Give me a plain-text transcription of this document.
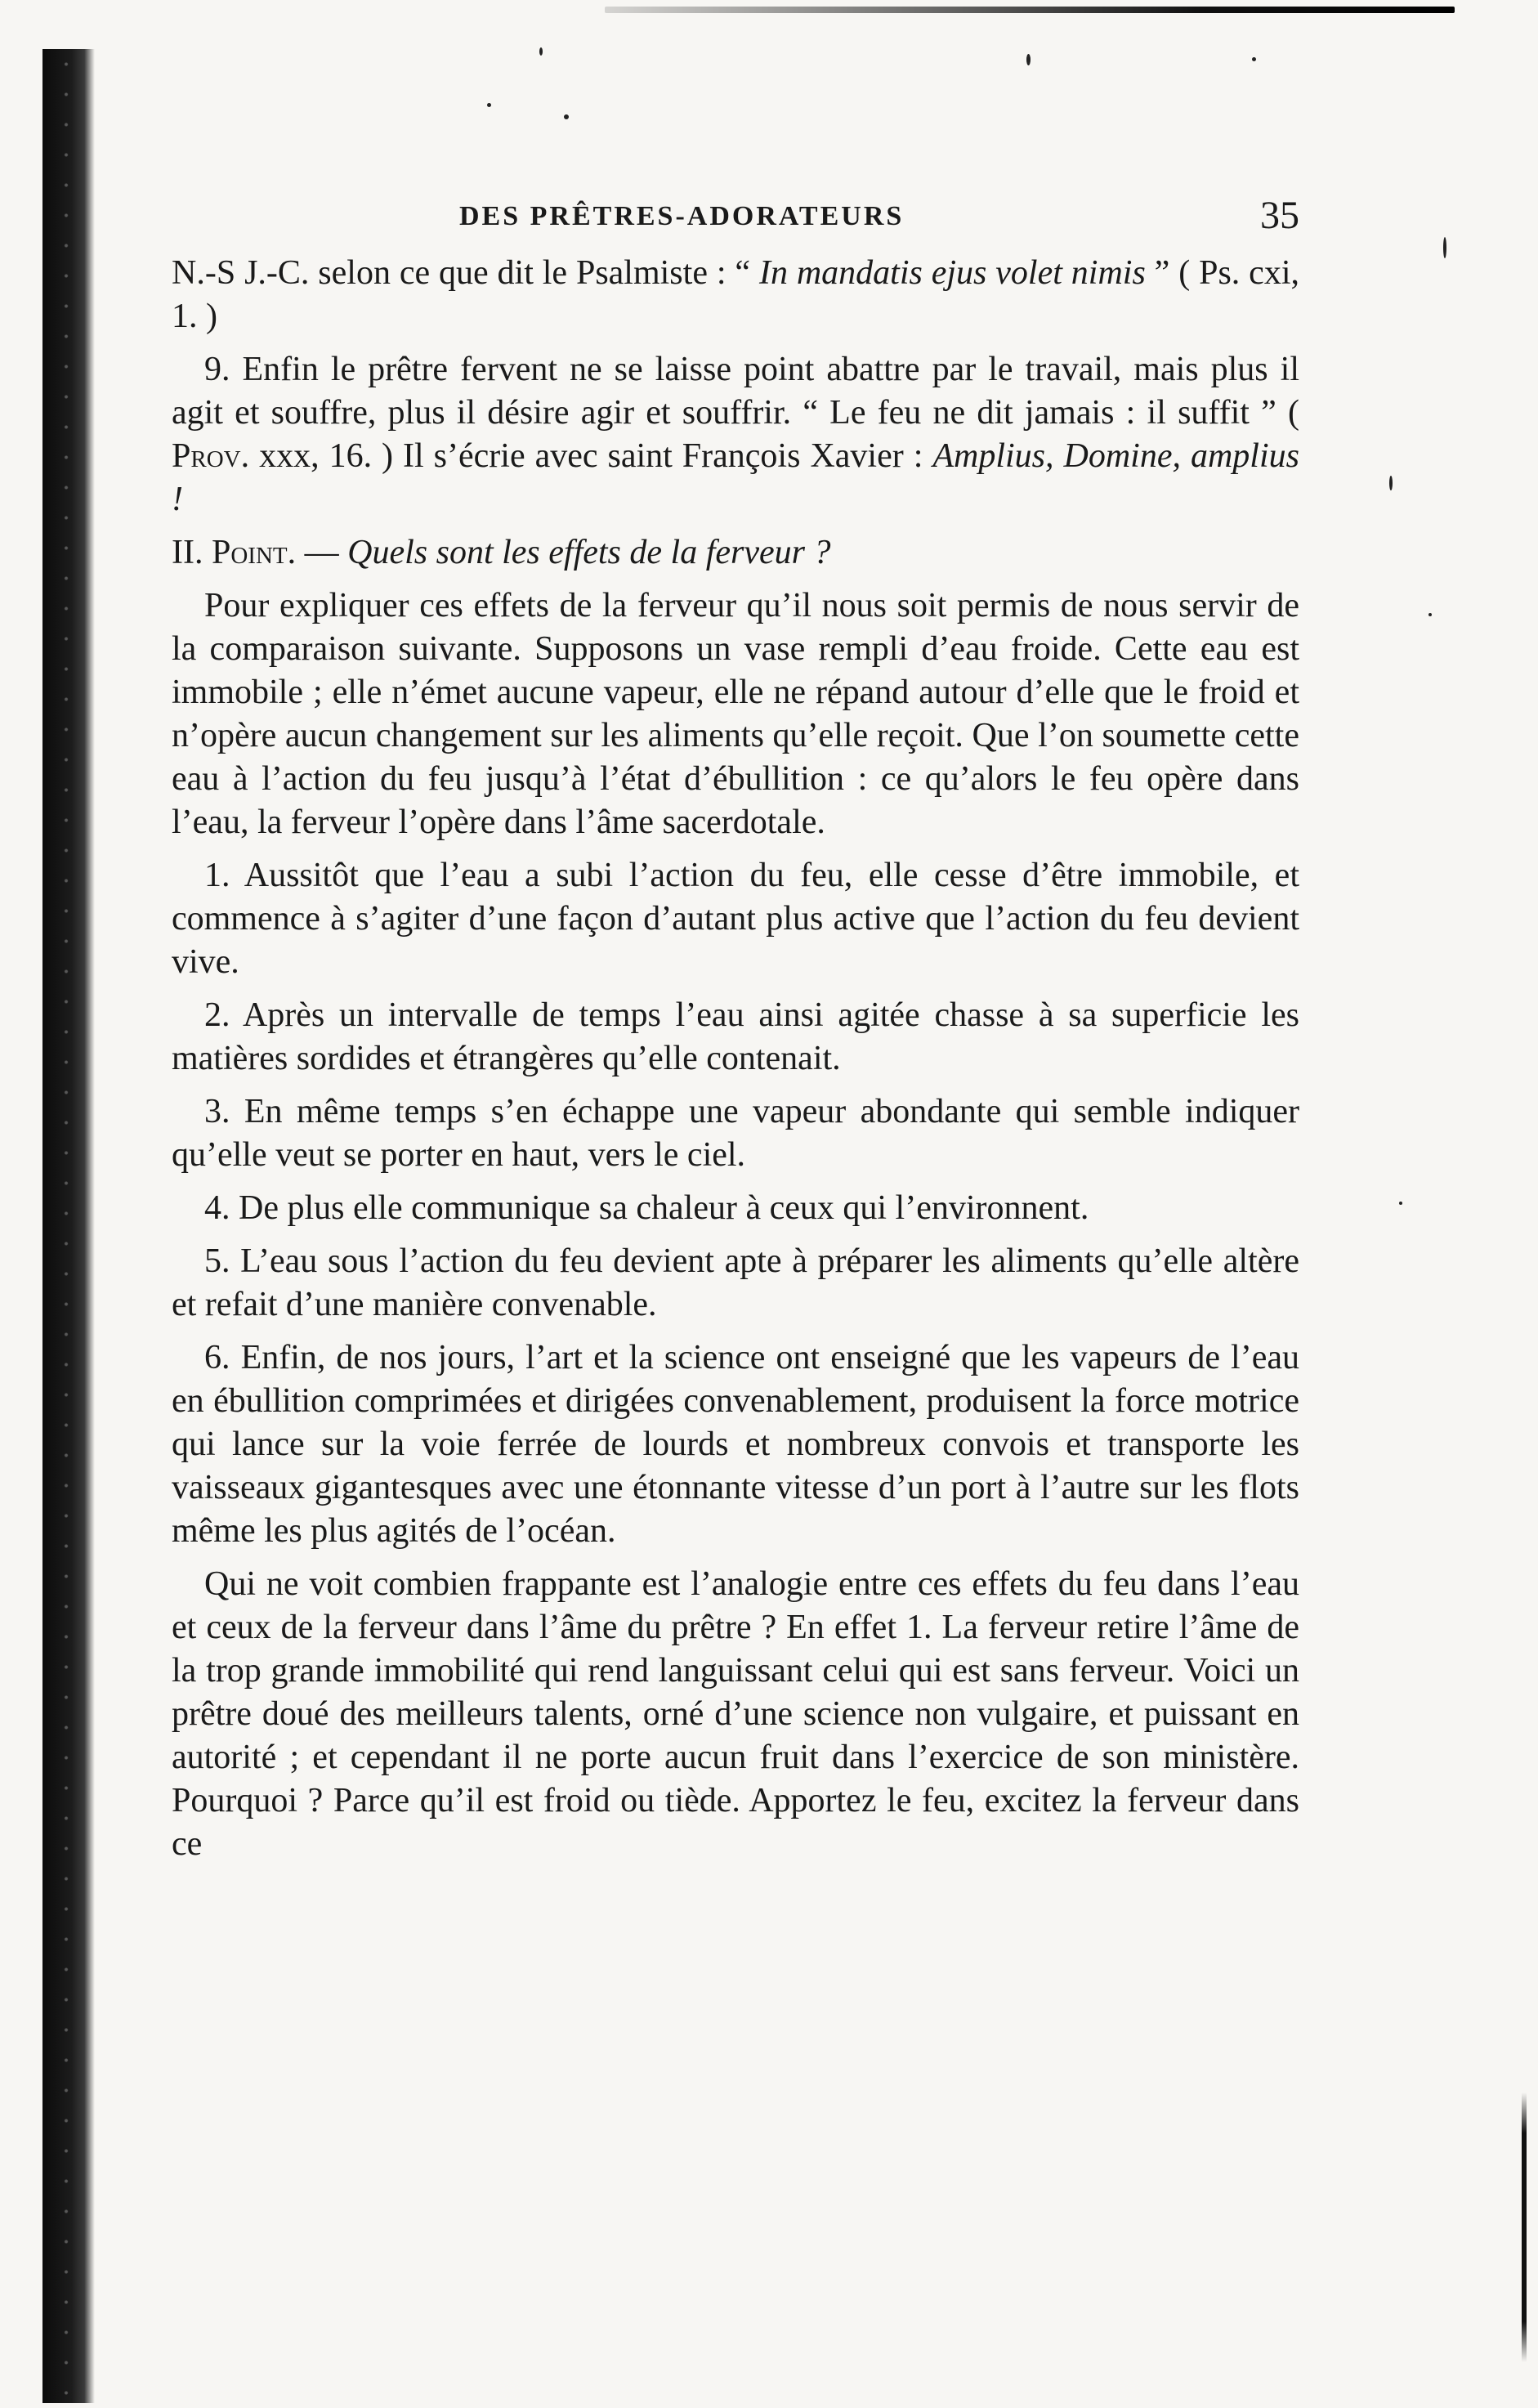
DES PRÊTRES-ADORATEURS	35

N.-S J.-C. selon ce que dit le Psalmiste : “ In mandatis ejus volet nimis ” ( Ps. cxi, 1. )

9. Enfin le prêtre fervent ne se laisse point abattre par le travail, mais plus il agit et souffre, plus il désire agir et souffrir. “ Le feu ne dit jamais : il suffit ” ( Prov. xxx, 16. ) Il s’écrie avec saint François Xavier : Amplius, Domine, amplius !

II. Point. — Quels sont les effets de la ferveur ?

Pour expliquer ces effets de la ferveur qu’il nous soit permis de nous servir de la comparaison suivante. Supposons un vase rempli d’eau froide. Cette eau est immobile ; elle n’émet aucune vapeur, elle ne répand autour d’elle que le froid et n’opère aucun changement sur les aliments qu’elle reçoit. Que l’on soumette cette eau à l’action du feu jusqu’à l’état d’ébullition : ce qu’alors le feu opère dans l’eau, la ferveur l’opère dans l’âme sacerdotale.

1. Aussitôt que l’eau a subi l’action du feu, elle cesse d’être immobile, et commence à s’agiter d’une façon d’autant plus active que l’action du feu devient vive.

2. Après un intervalle de temps l’eau ainsi agitée chasse à sa superficie les matières sordides et étrangères qu’elle contenait.

3. En même temps s’en échappe une vapeur abondante qui semble indiquer qu’elle veut se porter en haut, vers le ciel.

4. De plus elle communique sa chaleur à ceux qui l’environnent.

5. L’eau sous l’action du feu devient apte à préparer les aliments qu’elle altère et refait d’une manière convenable.

6. Enfin, de nos jours, l’art et la science ont enseigné que les vapeurs de l’eau en ébullition comprimées et dirigées convenablement, produisent la force motrice qui lance sur la voie ferrée de lourds et nombreux convois et transporte les vaisseaux gigantesques avec une étonnante vitesse d’un port à l’autre sur les flots même les plus agités de l’océan.

Qui ne voit combien frappante est l’analogie entre ces effets du feu dans l’eau et ceux de la ferveur dans l’âme du prêtre ? En effet 1. La ferveur retire l’âme de la trop grande immobilité qui rend languissant celui qui est sans ferveur. Voici un prêtre doué des meilleurs talents, orné d’une science non vulgaire, et puissant en autorité ; et cependant il ne porte aucun fruit dans l’exercice de son ministère. Pourquoi ? Parce qu’il est froid ou tiède. Apportez le feu, excitez la ferveur dans ce
